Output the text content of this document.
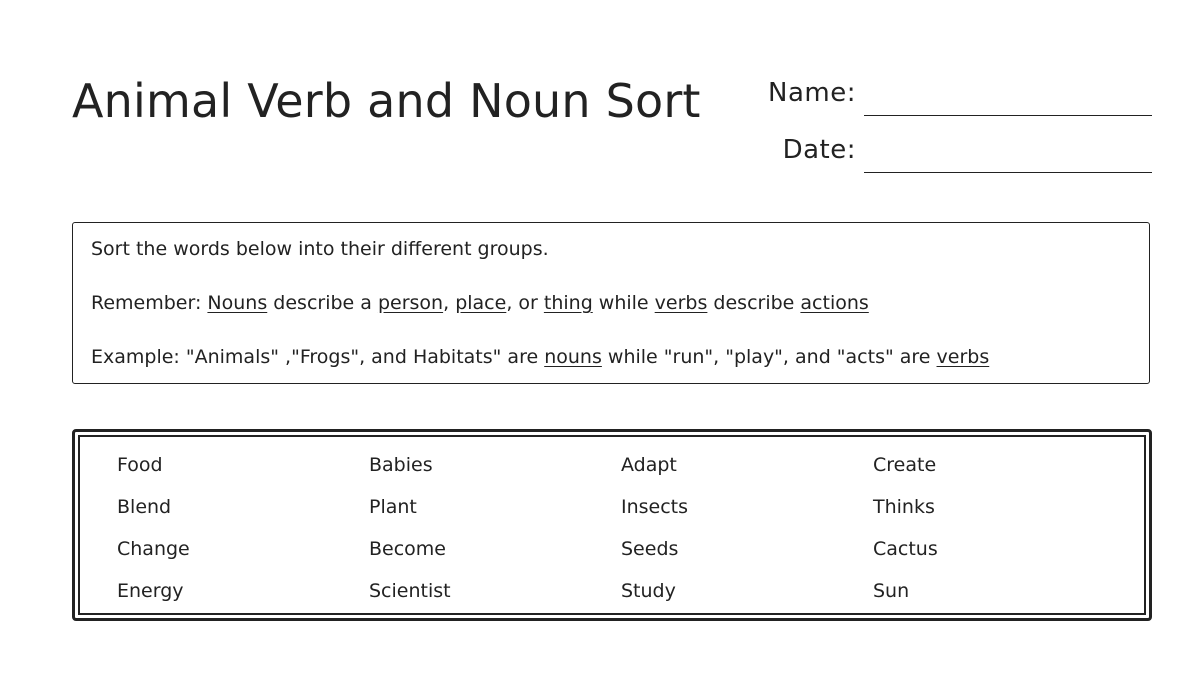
Animal Verb and Noun Sort	Name:
Date:
Sort the words below into their different groups.
Remember: Nouns describe a person, place, or thing while verbs describe actions
Example: "Animals" ,"Frogs", and Habitats" are nouns while "run", "play", and "acts" are verbs
Food	Babies	Adapt	Create
Blend	Plant	Insects	Thinks
Change	Become	Seeds	Cactus
Energy	Scientist	Study	Sun
